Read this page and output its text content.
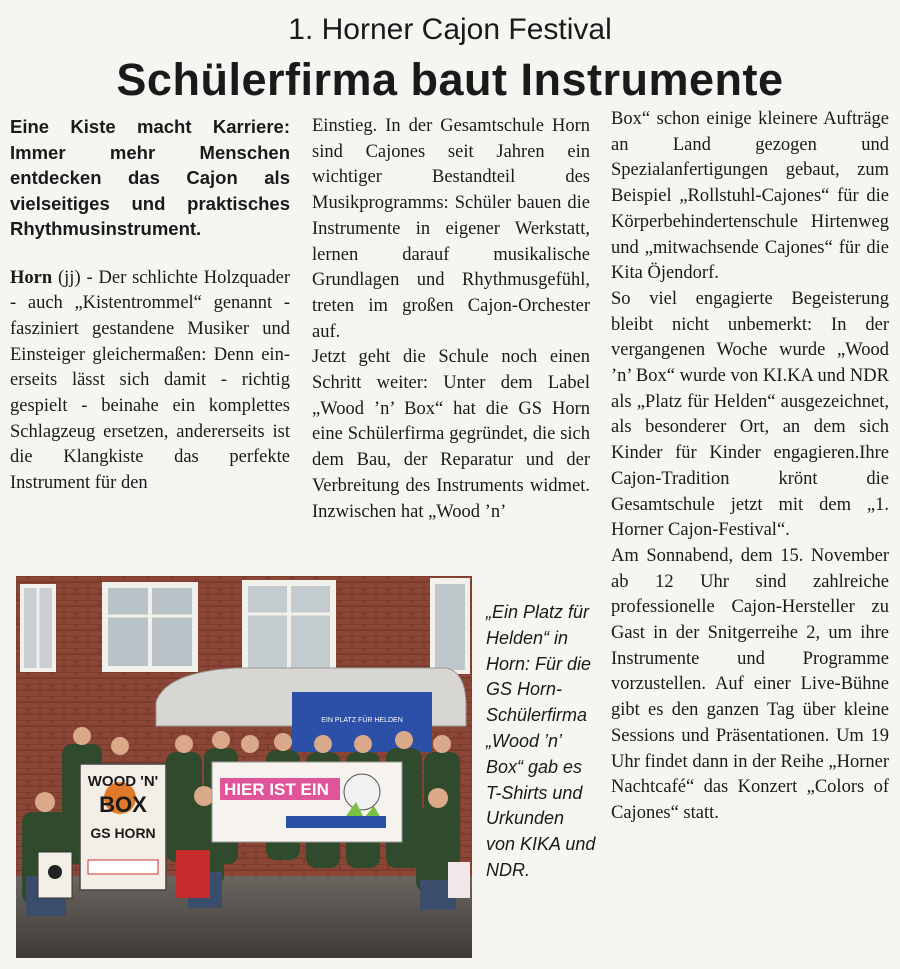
1. Horner Cajon Festival
Schülerfirma baut Instrumente

Eine Kiste macht Karriere: Immer mehr Menschen entdecken das Cajon als vielseitiges und praktisches Rhythmusinstrument.

Horn (jj) - Der schlichte Holzquader - auch „Kistentrommel“ genannt - fasziniert gestandene Musiker und Einsteiger gleichermaßen: Denn einerseits lässt sich damit - richtig gespielt - beinahe ein komplettes Schlagzeug ersetzen, andererseits ist die Klangkiste das perfekte Instrument für den

Einstieg. In der Gesamtschule Horn sind Cajones seit Jahren ein wichtiger Bestandteil des Musikprogramms: Schüler bauen die Instrumente in eigener Werkstatt, lernen darauf musikalische Grundlagen und Rhythmusgefühl, treten im großen Cajon-Orchester auf.

Jetzt geht die Schule noch einen Schritt weiter: Unter dem Label „Wood ’n’ Box“ hat die GS Horn eine Schülerfirma gegründet, die sich dem Bau, der Reparatur und der Verbreitung des Instruments widmet. Inzwischen hat „Wood ’n’

Box“ schon einige kleinere Aufträge an Land gezogen und Spezialanfertigungen gebaut, zum Beispiel „Rollstuhl-Cajones“ für die Körperbehindertenschule Hirtenweg und „mitwachsende Cajones“ für die Kita Öjendorf.

So viel engagierte Begeisterung bleibt nicht unbemerkt: In der vergangenen Woche wurde „Wood ’n’ Box“ wurde von KI.KA und NDR als „Platz für Helden“ ausgezeichnet, als besonderer Ort, an dem sich Kinder für Kinder engagieren.Ihre Cajon-Tradition krönt die Gesamtschule jetzt mit dem „1. Horner Cajon-Festival“.

Am Sonnabend, dem 15. November ab 12 Uhr sind zahlreiche professionelle Cajon-Hersteller zu Gast in der Snitgerreihe 2, um ihre Instrumente und Programme vorzustellen. Auf einer Live-Bühne gibt es den ganzen Tag über kleine Sessions und Präsentationen. Um 19 Uhr findet dann in der Reihe „Horner Nachtcafé“ das Konzert „Colors of Cajones“ statt.

EIN PLATZ FÜR HELDEN
WOOD 'N'
BOX
GS HORN
HIER IST EIN
„Ein Platz für Helden“ in Horn: Für die GS Horn-Schülerfirma „Wood ’n’ Box“ gab es T-Shirts und Urkunden von KIKA und NDR.
